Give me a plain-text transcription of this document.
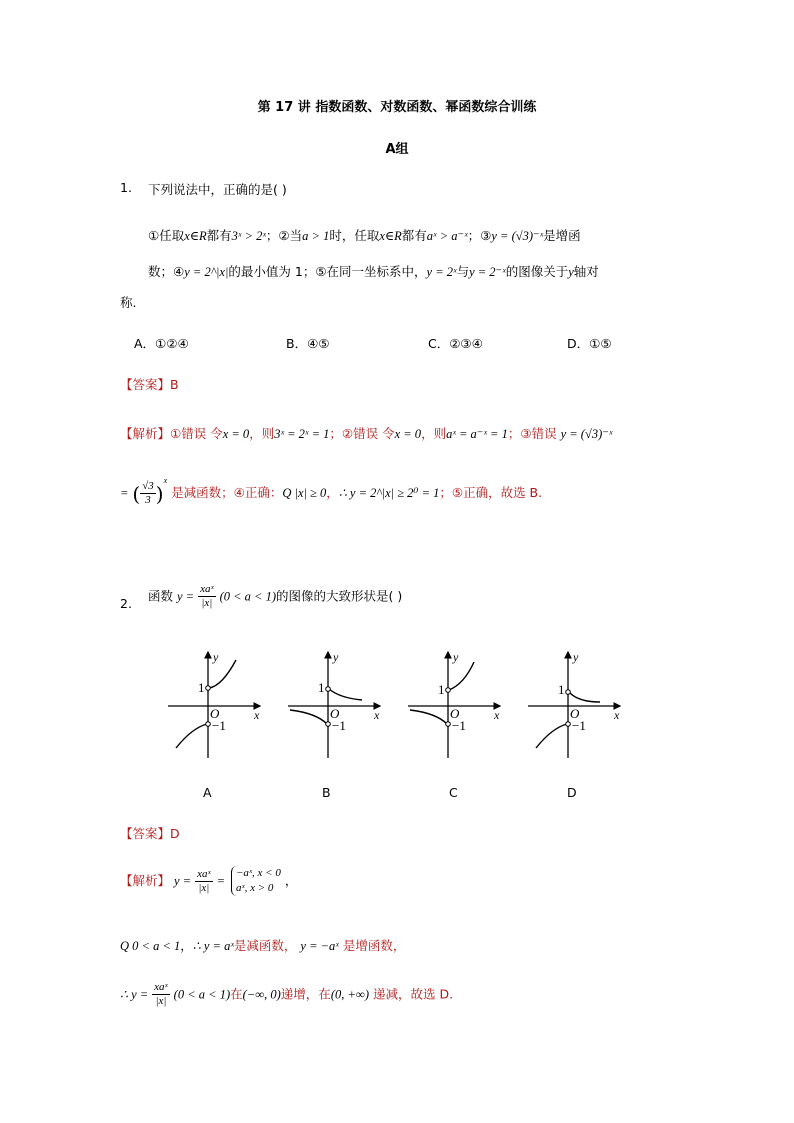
第 17 讲 指数函数、对数函数、幂函数综合训练
A组
1. 下列说法中，正确的是( )
①任取x∈R都有3ˣ > 2ˣ；②当a > 1时，任取x∈R都有aˣ > a⁻ˣ；③y = (√3)⁻ˣ是增函
数；④y = 2^|x|的最小值为 1；⑤在同一坐标系中，y = 2ˣ与y = 2⁻ˣ的图像关于y轴对
称.
A．①②④	B．④⑤	C．②③④	D．①⑤
【答案】B
【解析】①错误 令x = 0，则3ˣ = 2ˣ = 1；②错误 令x = 0，则aˣ = a⁻ˣ = 1；③错误 y = (√3)⁻ˣ
= ( $\frac{√3}{3} )^x$ 是减函数；④正确：Q |x| ≥ 0，∴ y = 2^|x| ≥ 2⁰ = 1；⑤正确，故选 B.
2.
函数 $y = \frac{\text{xaˣ}}{|x|} (0 < a < 1)$的图像的大致形状是( )
y
x
1
O
−1
y
x
1
O
−1
y
x
1
O
−1
y
x
1
O
−1
A	B	C	D
【答案】D
【解析】 $y = \frac{\text{xaˣ}}{|x|}$ =
−aˣ, x < 0
aˣ, x > 0
，
Q 0 < a < 1，∴ y = aˣ是减函数， y = −aˣ 是增函数，
∴ $y = \frac{\text{xaˣ}}{|x|} (0 < a < 1)$在(−∞, 0)递增，在(0, +∞) 递减，故选 D.
